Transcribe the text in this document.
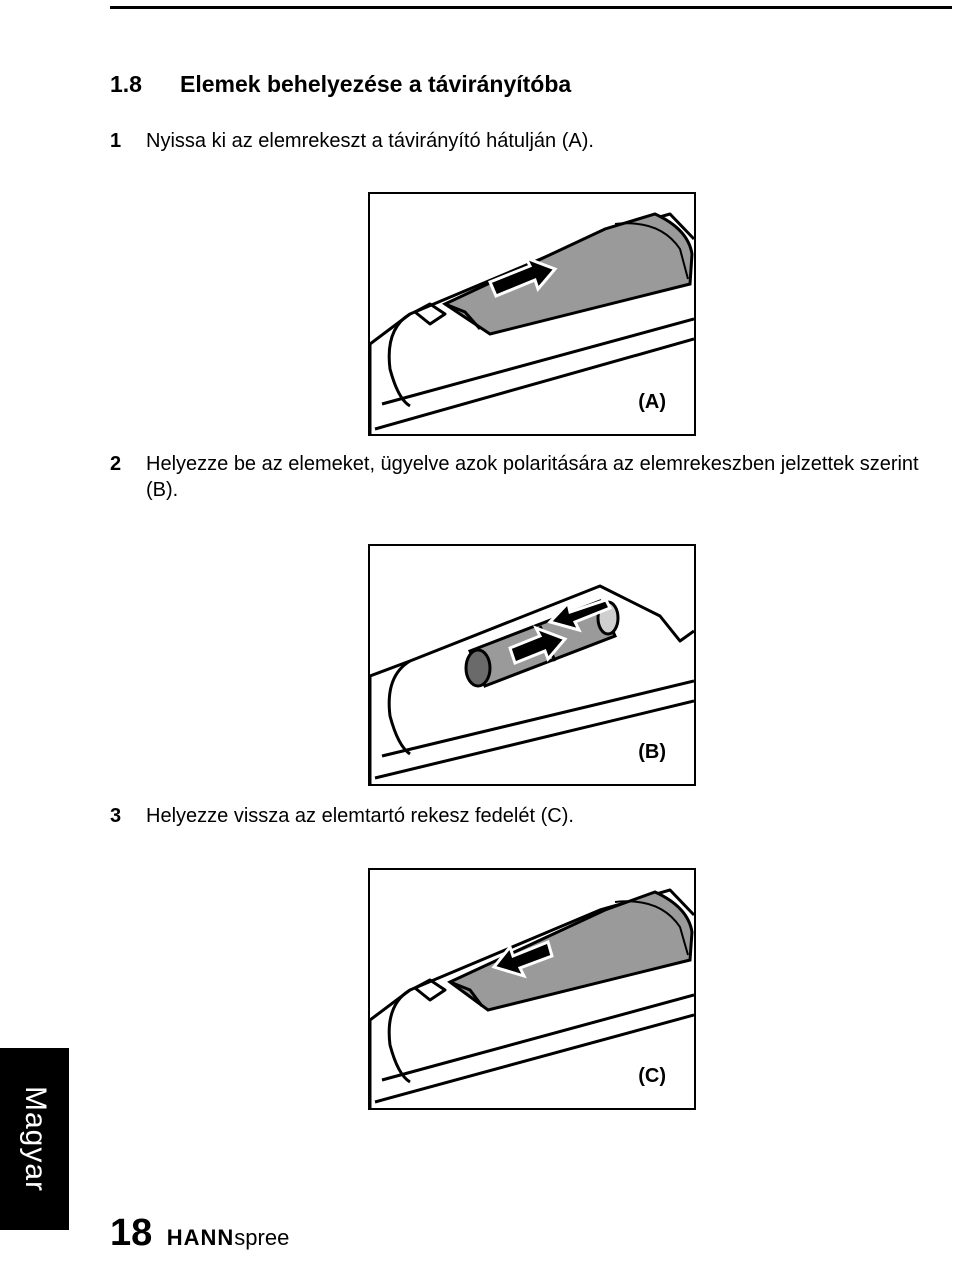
1.8 Elemek behelyezése a távirányítóba
1 Nyissa ki az elemrekeszt a távirányító hátulján (A).
(A)
2 Helyezze be az elemeket, ügyelve azok polaritására az elemrekeszben jelzettek szerint (B).
(B)
3 Helyezze vissza az elemtartó rekesz fedelét (C).
(C)
Magyar
18 HANNspree
